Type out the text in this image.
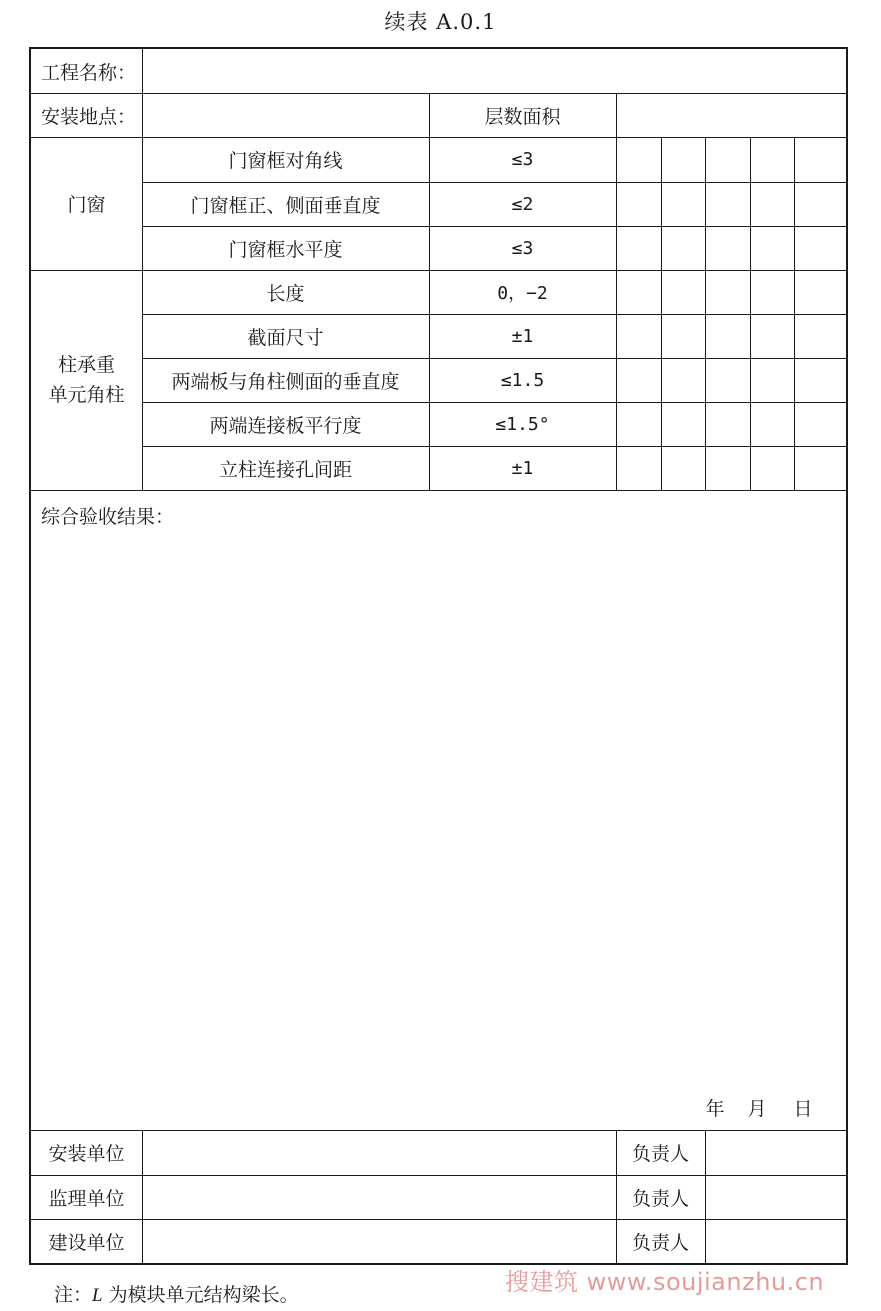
续表 A.0.1
工程名称：
安装地点：	层数面积
门窗
门窗框对角线	≤3
门窗框正、侧面垂直度	≤2
门窗框水平度	≤3
柱承重
单元角柱
长度	0，−2
截面尺寸	±1
两端板与角柱侧面的垂直度	≤1.5
两端连接板平行度	≤1.5°
立柱连接孔间距	±1
综合验收结果：
年	月	日
安装单位	负责人
监理单位	负责人
建设单位	负责人
注：L 为模块单元结构梁长。	搜建筑 www.soujianzhu.cn
